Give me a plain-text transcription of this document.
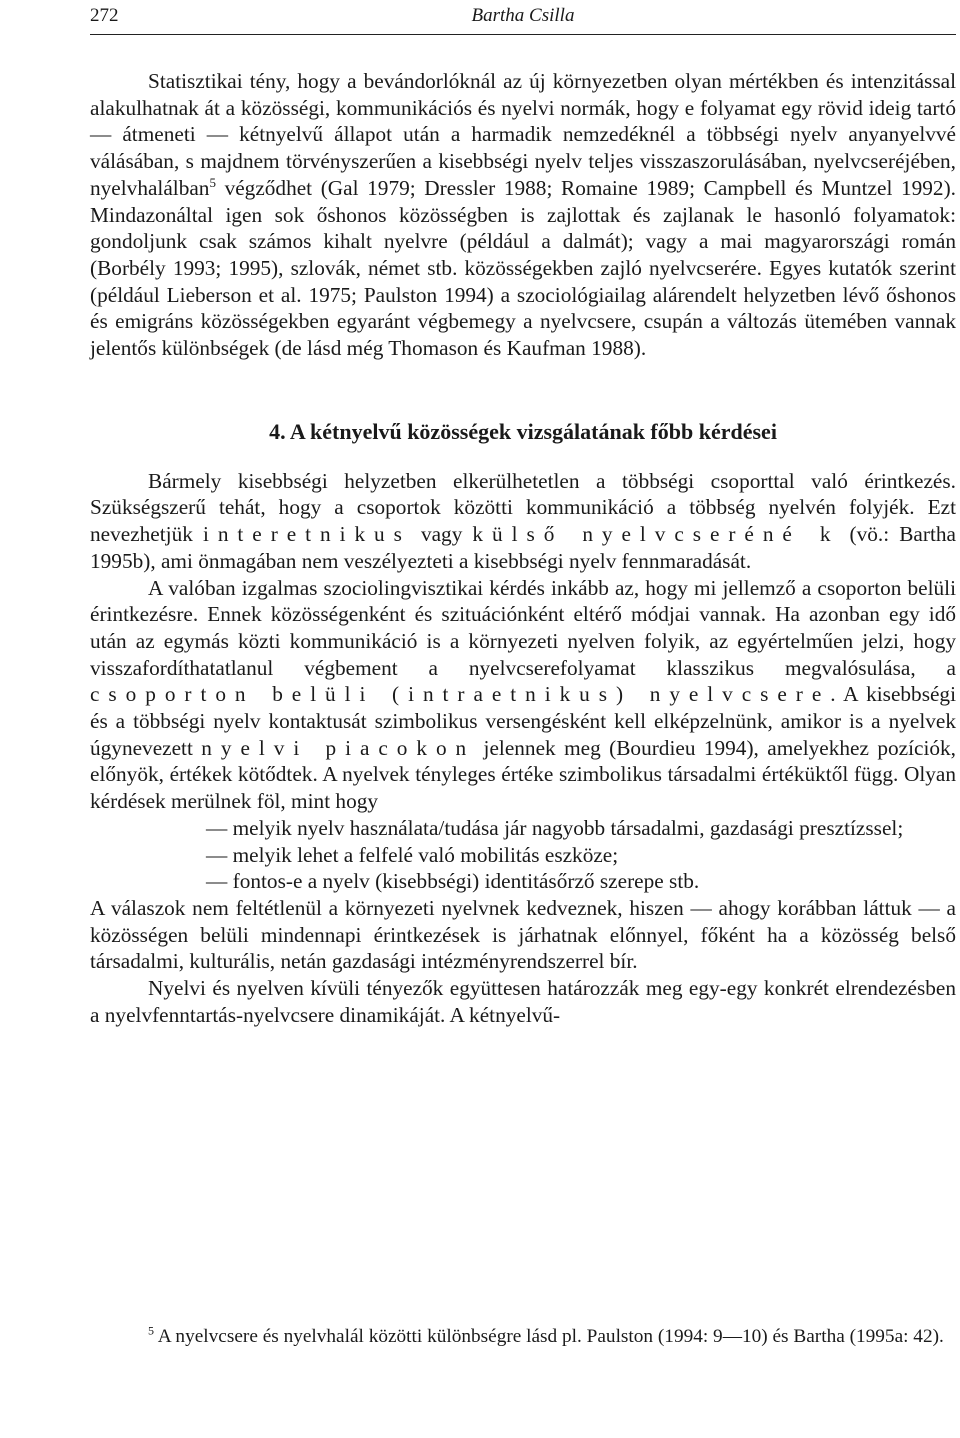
272	Bartha Csilla

Statisztikai tény, hogy a bevándorlóknál az új környezetben olyan mértékben és intenzitással alakulhatnak át a közösségi, kommunikációs és nyelvi normák, hogy e folyamat egy rövid ideig tartó — átmeneti — kétnyelvű állapot után a harmadik nemzedéknél a többségi nyelv anyanyelvvé válásában, s majdnem törvényszerűen a kisebbségi nyelv teljes visszaszorulásában, nyelvcseréjében, nyelvhalálban$^5$ végződhet (Gal 1979; Dressler 1988; Romaine 1989; Campbell és Muntzel 1992). Mindazonáltal igen sok őshonos közösségben is zajlottak és zajlanak le hasonló folyamatok: gondoljunk csak számos kihalt nyelvre (például a dalmát); vagy a mai magyarországi román (Borbély 1993; 1995), szlovák, német stb. közösségekben zajló nyelvcserére. Egyes kutatók szerint (például Lieberson et al. 1975; Paulston 1994) a szociológiailag alárendelt helyzetben lévő őshonos és emigráns közösségekben egyaránt végbemegy a nyelvcsere, csupán a változás ütemében vannak jelentős különbségek (de lásd még Thomason és Kaufman 1988).

4. A kétnyelvű közösségek vizsgálatának főbb kérdései

Bármely kisebbségi helyzetben elkerülhetetlen a többségi csoporttal való érintkezés. Szükségszerű tehát, hogy a csoportok közötti kommunikáció a többség nyelvén folyjék. Ezt nevezhetjük interetnikus vagy külső nyelvcseréné k (vö.: Bartha 1995b), ami önmagában nem veszélyezteti a kisebbségi nyelv fennmaradását.

A valóban izgalmas szociolingvisztikai kérdés inkább az, hogy mi jellemző a csoporton belüli érintkezésre. Ennek közösségenként és szituációnként eltérő módjai vannak. Ha azonban egy idő után az egymás közti kommunikáció is a környezeti nyelven folyik, az egyértelműen jelzi, hogy visszafordíthatatlanul végbement a nyelvcserefolyamat klasszikus megvalósulása, a csoporton belüli (intraetnikus) nyelvcsere. A kisebbségi és a többségi nyelv kontaktusát szimbolikus versengésként kell elképzelnünk, amikor is a nyelvek úgynevezett nyelvi piacokon jelennek meg (Bourdieu 1994), amelyekhez pozíciók, előnyök, értékek kötődtek. A nyelvek tényleges értéke szimbolikus társadalmi értéküktől függ. Olyan kérdések merülnek föl, mint hogy

— melyik nyelv használata/tudása jár nagyobb társadalmi, gazdasági presztízssel;

— melyik lehet a felfelé való mobilitás eszköze;

— fontos-e a nyelv (kisebbségi) identitásőrző szerepe stb.

A válaszok nem feltétlenül a környezeti nyelvnek kedveznek, hiszen — ahogy korábban láttuk — a közösségen belüli mindennapi érintkezések is járhatnak előnnyel, főként ha a közösség belső társadalmi, kulturális, netán gazdasági intézményrendszerrel bír.

Nyelvi és nyelven kívüli tényezők együttesen határozzák meg egy-egy konkrét elrendezésben a nyelvfenntartás-nyelvcsere dinamikáját. A kétnyelvű-

$^5$ A nyelvcsere és nyelvhalál közötti különbségre lásd pl. Paulston (1994: 9—10) és Bartha (1995a: 42).
